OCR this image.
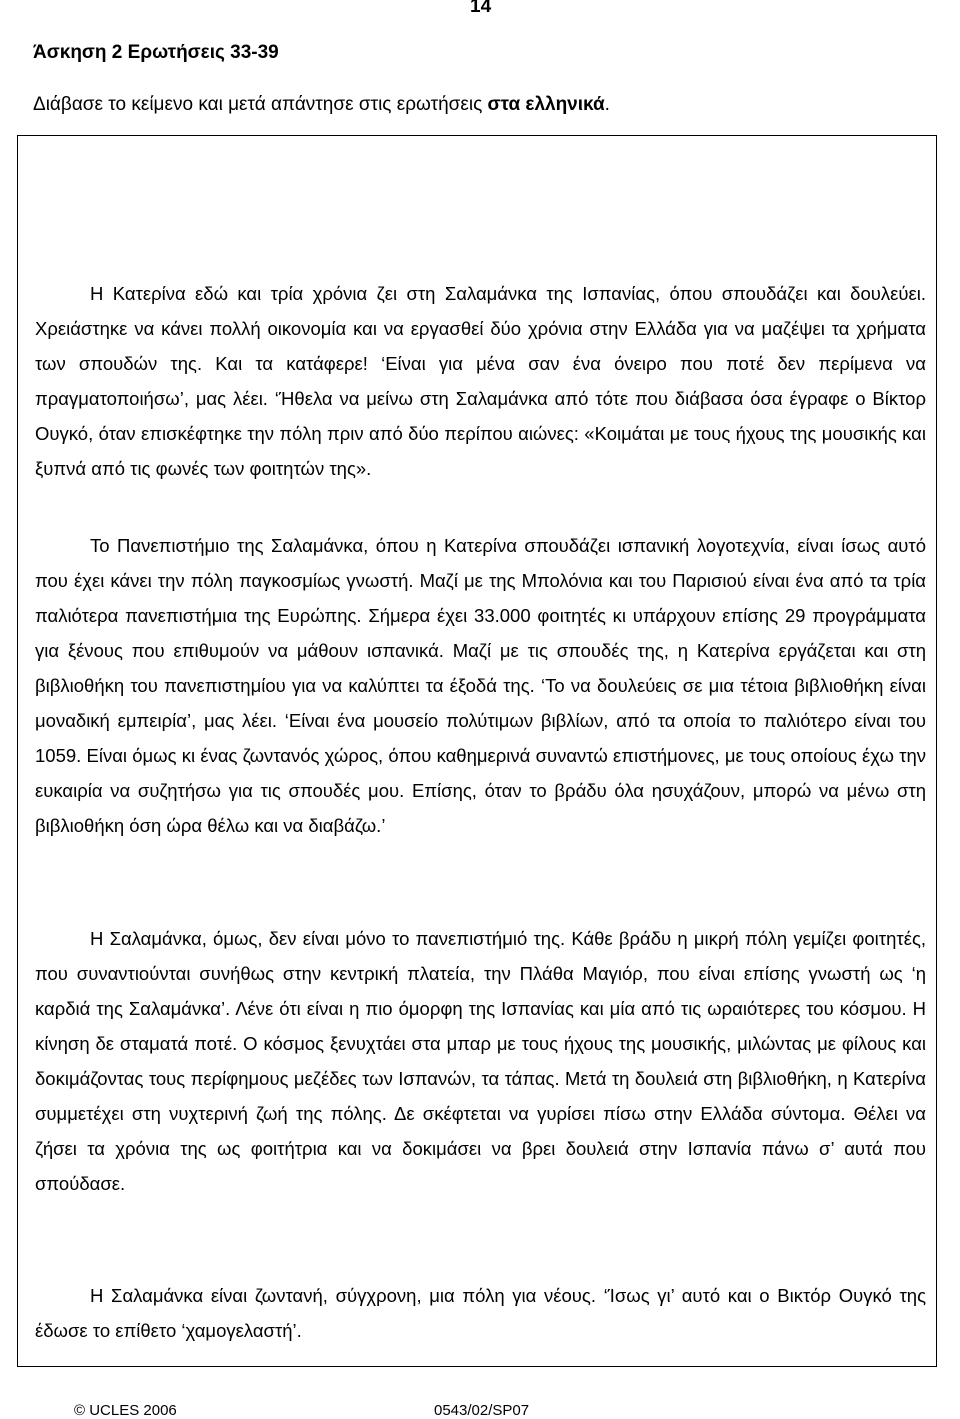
14
Άσκηση 2 Ερωτήσεις 33-39
Διάβασε το κείμενο και μετά απάντησε στις ερωτήσεις στα ελληνικά.

Η Κατερίνα εδώ και τρία χρόνια ζει στη Σαλαμάνκα της Ισπανίας, όπου σπουδάζει και δουλεύει. Χρειάστηκε να κάνει πολλή οικονομία και να εργασθεί δύο χρόνια στην Ελλάδα για να μαζέψει τα χρήματα των σπουδών της. Και τα κατάφερε! ‘Είναι για μένα σαν ένα όνειρο που ποτέ δεν περίμενα να πραγματοποιήσω’, μας λέει. ‘Ήθελα να μείνω στη Σαλαμάνκα από τότε που διάβασα όσα έγραφε ο Βίκτορ Ουγκό, όταν επισκέφτηκε την πόλη πριν από δύο περίπου αιώνες: «Κοιμάται με τους ήχους της μουσικής και ξυπνά από τις φωνές των φοιτητών της».

Το Πανεπιστήμιο της Σαλαμάνκα, όπου η Κατερίνα σπουδάζει ισπανική λογοτεχνία, είναι ίσως αυτό που έχει κάνει την πόλη παγκοσμίως γνωστή. Μαζί με της Μπολόνια και του Παρισιού είναι ένα από τα τρία παλιότερα πανεπιστήμια της Ευρώπης. Σήμερα έχει 33.000 φοιτητές κι υπάρχουν επίσης 29 προγράμματα για ξένους που επιθυμούν να μάθουν ισπανικά. Μαζί με τις σπουδές της, η Κατερίνα εργάζεται και στη βιβλιοθήκη του πανεπιστημίου για να καλύπτει τα έξοδά της. ‘Το να δουλεύεις σε μια τέτοια βιβλιοθήκη είναι μοναδική εμπειρία’, μας λέει. ‘Είναι ένα μουσείο πολύτιμων βιβλίων, από τα οποία το παλιότερο είναι του 1059. Είναι όμως κι ένας ζωντανός χώρος, όπου καθημερινά συναντώ επιστήμονες, με τους οποίους έχω την ευκαιρία να συζητήσω για τις σπουδές μου. Επίσης, όταν το βράδυ όλα ησυχάζουν, μπορώ να μένω στη βιβλιοθήκη όση ώρα θέλω και να διαβάζω.’

Η Σαλαμάνκα, όμως, δεν είναι μόνο το πανεπιστήμιό της. Κάθε βράδυ η μικρή πόλη γεμίζει φοιτητές, που συναντιούνται συνήθως στην κεντρική πλατεία, την Πλάθα Μαγιόρ, που είναι επίσης γνωστή ως ‘η καρδιά της Σαλαμάνκα’. Λένε ότι είναι η πιο όμορφη της Ισπανίας και μία από τις ωραιότερες του κόσμου. Η κίνηση δε σταματά ποτέ. Ο κόσμος ξενυχτάει στα μπαρ με τους ήχους της μουσικής, μιλώντας με φίλους και δοκιμάζοντας τους περίφημους μεζέδες των Ισπανών, τα τάπας. Μετά τη δουλειά στη βιβλιοθήκη, η Κατερίνα συμμετέχει στη νυχτερινή ζωή της πόλης. Δε σκέφτεται να γυρίσει πίσω στην Ελλάδα σύντομα. Θέλει να ζήσει τα χρόνια της ως φοιτήτρια και να δοκιμάσει να βρει δουλειά στην Ισπανία πάνω σ’ αυτά που σπούδασε.

Η Σαλαμάνκα είναι ζωντανή, σύγχρονη, μια πόλη για νέους. ‘Ίσως γι’ αυτό και ο Βικτόρ Ουγκό της έδωσε το επίθετο ‘χαμογελαστή’.

© UCLES 2006	0543/02/SP07
